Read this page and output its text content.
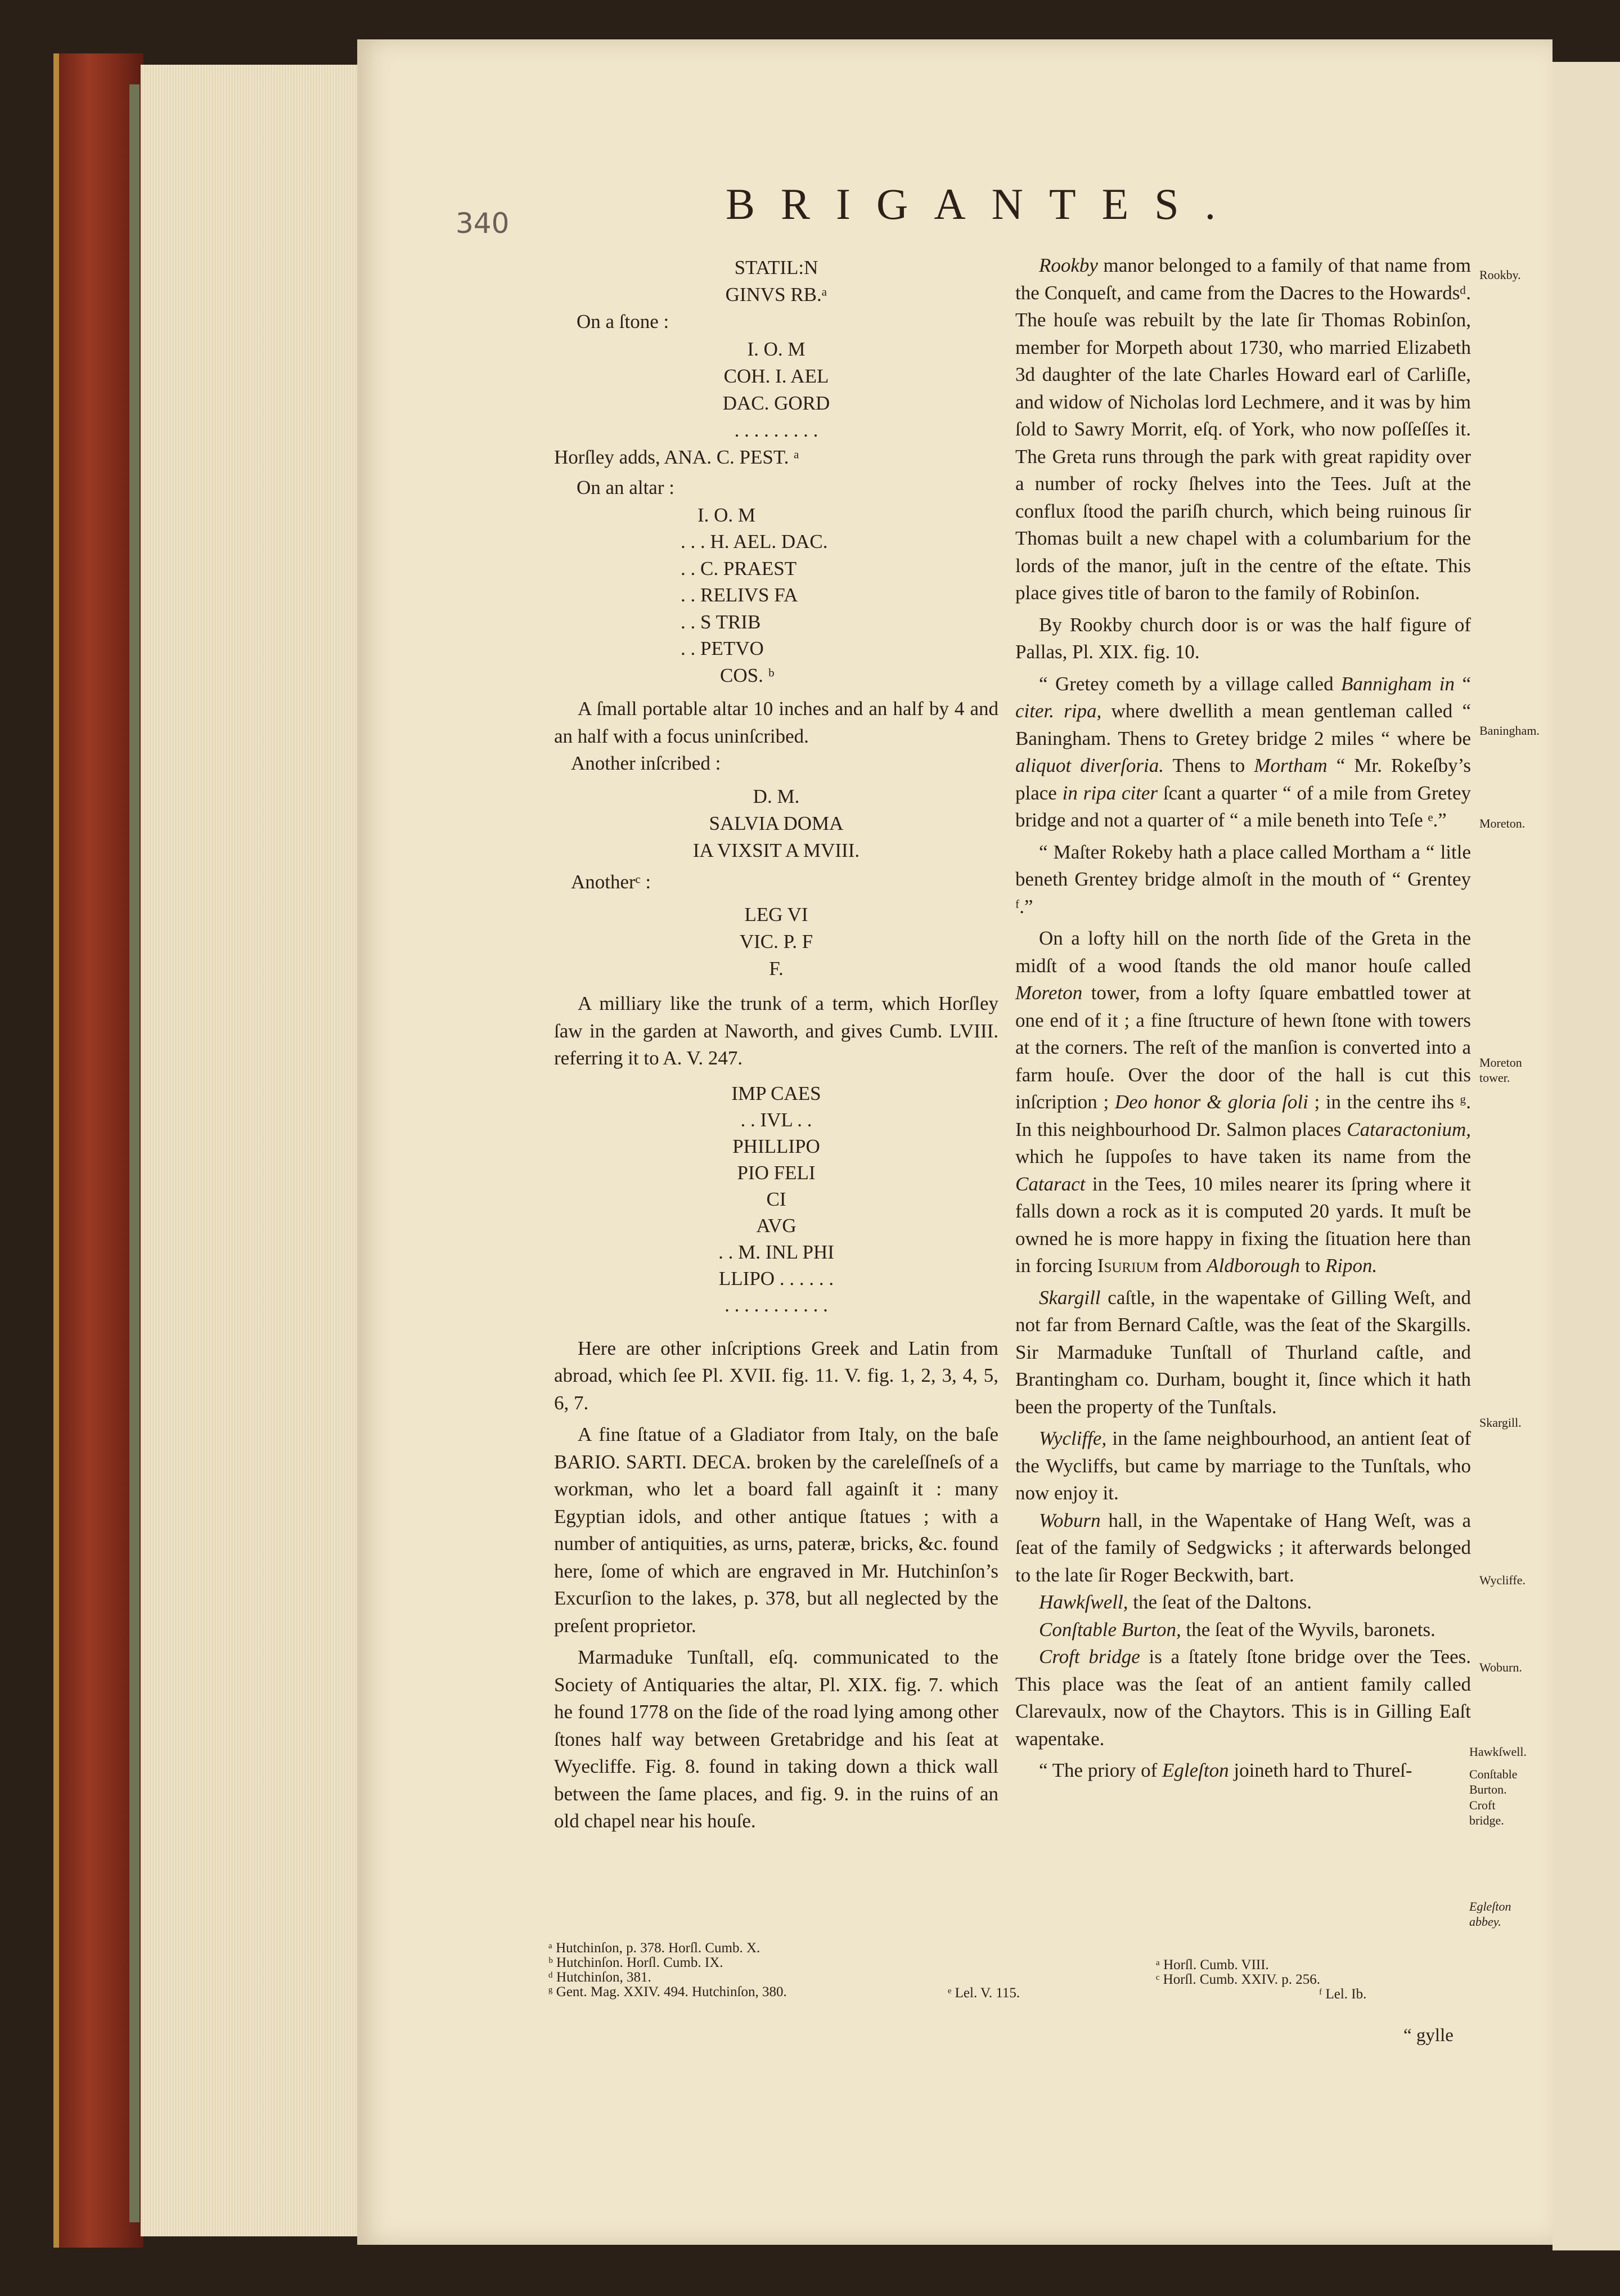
340	BRIGANTES.
STATIL:N
GINVS RB.ᵃ

On a ſtone :

I. O. M
COH. I. AEL
DAC. GORD
. . . . . . . . .

Horſley adds, ANA. C. PEST. ᵃ

On an altar :

I. O. M
. . . H. AEL. DAC.
. . C. PRAEST
. . RELIVS FA
. . S TRIB
. . PETVO
COS. ᵇ

A ſmall portable altar 10 inches and an half by 4 and an half with a focus uninſcribed.

Another inſcribed :

D. M.
SALVIA DOMA
IA VIXSIT A MVIII.

Anotherᶜ :

LEG VI
VIC. P. F
F.

A milliary like the trunk of a term, which Horſley ſaw in the garden at Naworth, and gives Cumb. LVIII. referring it to A. V. 247.

IMP CAES
. . IVL . .
PHILLIPO
PIO FELI
CI
AVG
. . M. INL PHI
LLIPO . . . . . .
. . . . . . . . . . .

Here are other inſcriptions Greek and Latin from abroad, which ſee Pl. XVII. fig. 11. V. fig. 1, 2, 3, 4, 5, 6, 7.

A fine ſtatue of a Gladiator from Italy, on the baſe BARIO. SARTI. DECA. broken by the careleſſneſs of a workman, who let a board fall againſt it : many Egyptian idols, and other antique ſtatues ; with a number of antiquities, as urns, pateræ, bricks, &c. found here, ſome of which are engraved in Mr. Hutchinſon’s Excurſion to the lakes, p. 378, but all neglected by the preſent proprietor.

Marmaduke Tunſtall, eſq. communicated to the Society of Antiquaries the altar, Pl. XIX. fig. 7. which he found 1778 on the ſide of the road lying among other ſtones half way between Gretabridge and his ſeat at Wyecliffe. Fig. 8. found in taking down a thick wall between the ſame places, and fig. 9. in the ruins of an old chapel near his houſe.

Rookby manor belonged to a family of that name from the Conqueſt, and came from the Dacres to the Howardsᵈ. The houſe was rebuilt by the late ſir Thomas Robinſon, member for Morpeth about 1730, who married Elizabeth 3d daughter of the late Charles Howard earl of Carliſle, and widow of Nicholas lord Lechmere, and it was by him ſold to Sawry Morrit, eſq. of York, who now poſſeſſes it. The Greta runs through the park with great rapidity over a number of rocky ſhelves into the Tees. Juſt at the conflux ſtood the pariſh church, which being ruinous ſir Thomas built a new chapel with a columbarium for the lords of the manor, juſt in the centre of the eſtate. This place gives title of baron to the family of Robinſon.

By Rookby church door is or was the half figure of Pallas, Pl. XIX. fig. 10.

“ Gretey cometh by a village called Bannigham in “ citer. ripa, where dwellith a mean gentleman called “ Baningham. Thens to Gretey bridge 2 miles “ where be aliquot diverſoria. Thens to Mortham “ Mr. Rokeſby’s place in ripa citer ſcant a quarter “ of a mile from Gretey bridge and not a quarter of “ a mile beneth into Teſe ᵉ.”

“ Maſter Rokeby hath a place called Mortham a “ litle beneth Grentey bridge almoſt in the mouth of “ Grentey ᶠ.”

On a lofty hill on the north ſide of the Greta in the midſt of a wood ſtands the old manor houſe called Moreton tower, from a lofty ſquare embattled tower at one end of it ; a fine ſtructure of hewn ſtone with towers at the corners. The reſt of the manſion is converted into a farm houſe. Over the door of the hall is cut this inſcription ; Deo honor & gloria ſoli ; in the centre ihs ᵍ. In this neighbourhood Dr. Salmon places Cataractonium, which he ſuppoſes to have taken its name from the Cataract in the Tees, 10 miles nearer its ſpring where it falls down a rock as it is computed 20 yards. It muſt be owned he is more happy in fixing the ſituation here than in forcing Isurium from Aldborough to Ripon.

Skargill caſtle, in the wapentake of Gilling Weſt, and not far from Bernard Caſtle, was the ſeat of the Skargills. Sir Marmaduke Tunſtall of Thurland caſtle, and Brantingham co. Durham, bought it, ſince which it hath been the property of the Tunſtals.

Wycliffe, in the ſame neighbourhood, an antient ſeat of the Wycliffs, but came by marriage to the Tunſtals, who now enjoy it.

Woburn hall, in the Wapentake of Hang Weſt, was a ſeat of the family of Sedgwicks ; it afterwards belonged to the late ſir Roger Beckwith, bart.

Hawkſwell, the ſeat of the Daltons.

Conſtable Burton, the ſeat of the Wyvils, baronets.

Croft bridge is a ſtately ſtone bridge over the Tees. This place was the ſeat of an antient family called Clarevaulx, now of the Chaytors. This is in Gilling Eaſt wapentake.

“ The priory of Egleſton joineth hard to Thureſ-

Rookby.
Baningham.
Moreton.
Moreton tower.
Skargill.
Wycliffe.
Woburn.
Hawkſwell.
Conſtable Burton.
Croft bridge.
Egleſton abbey.
ᵃ Hutchinſon, p. 378. Horſl. Cumb. X.
ᵇ Hutchinſon. Horſl. Cumb. IX.
ᵈ Hutchinſon, 381.
ᵍ Gent. Mag. XXIV. 494. Hutchinſon, 380.	ᵉ Lel. V. 115.
ᵃ Horſl. Cumb. VIII.
ᶜ Horſl. Cumb. XXIV. p. 256.
ᶠ Lel. Ib.
“ gylle
